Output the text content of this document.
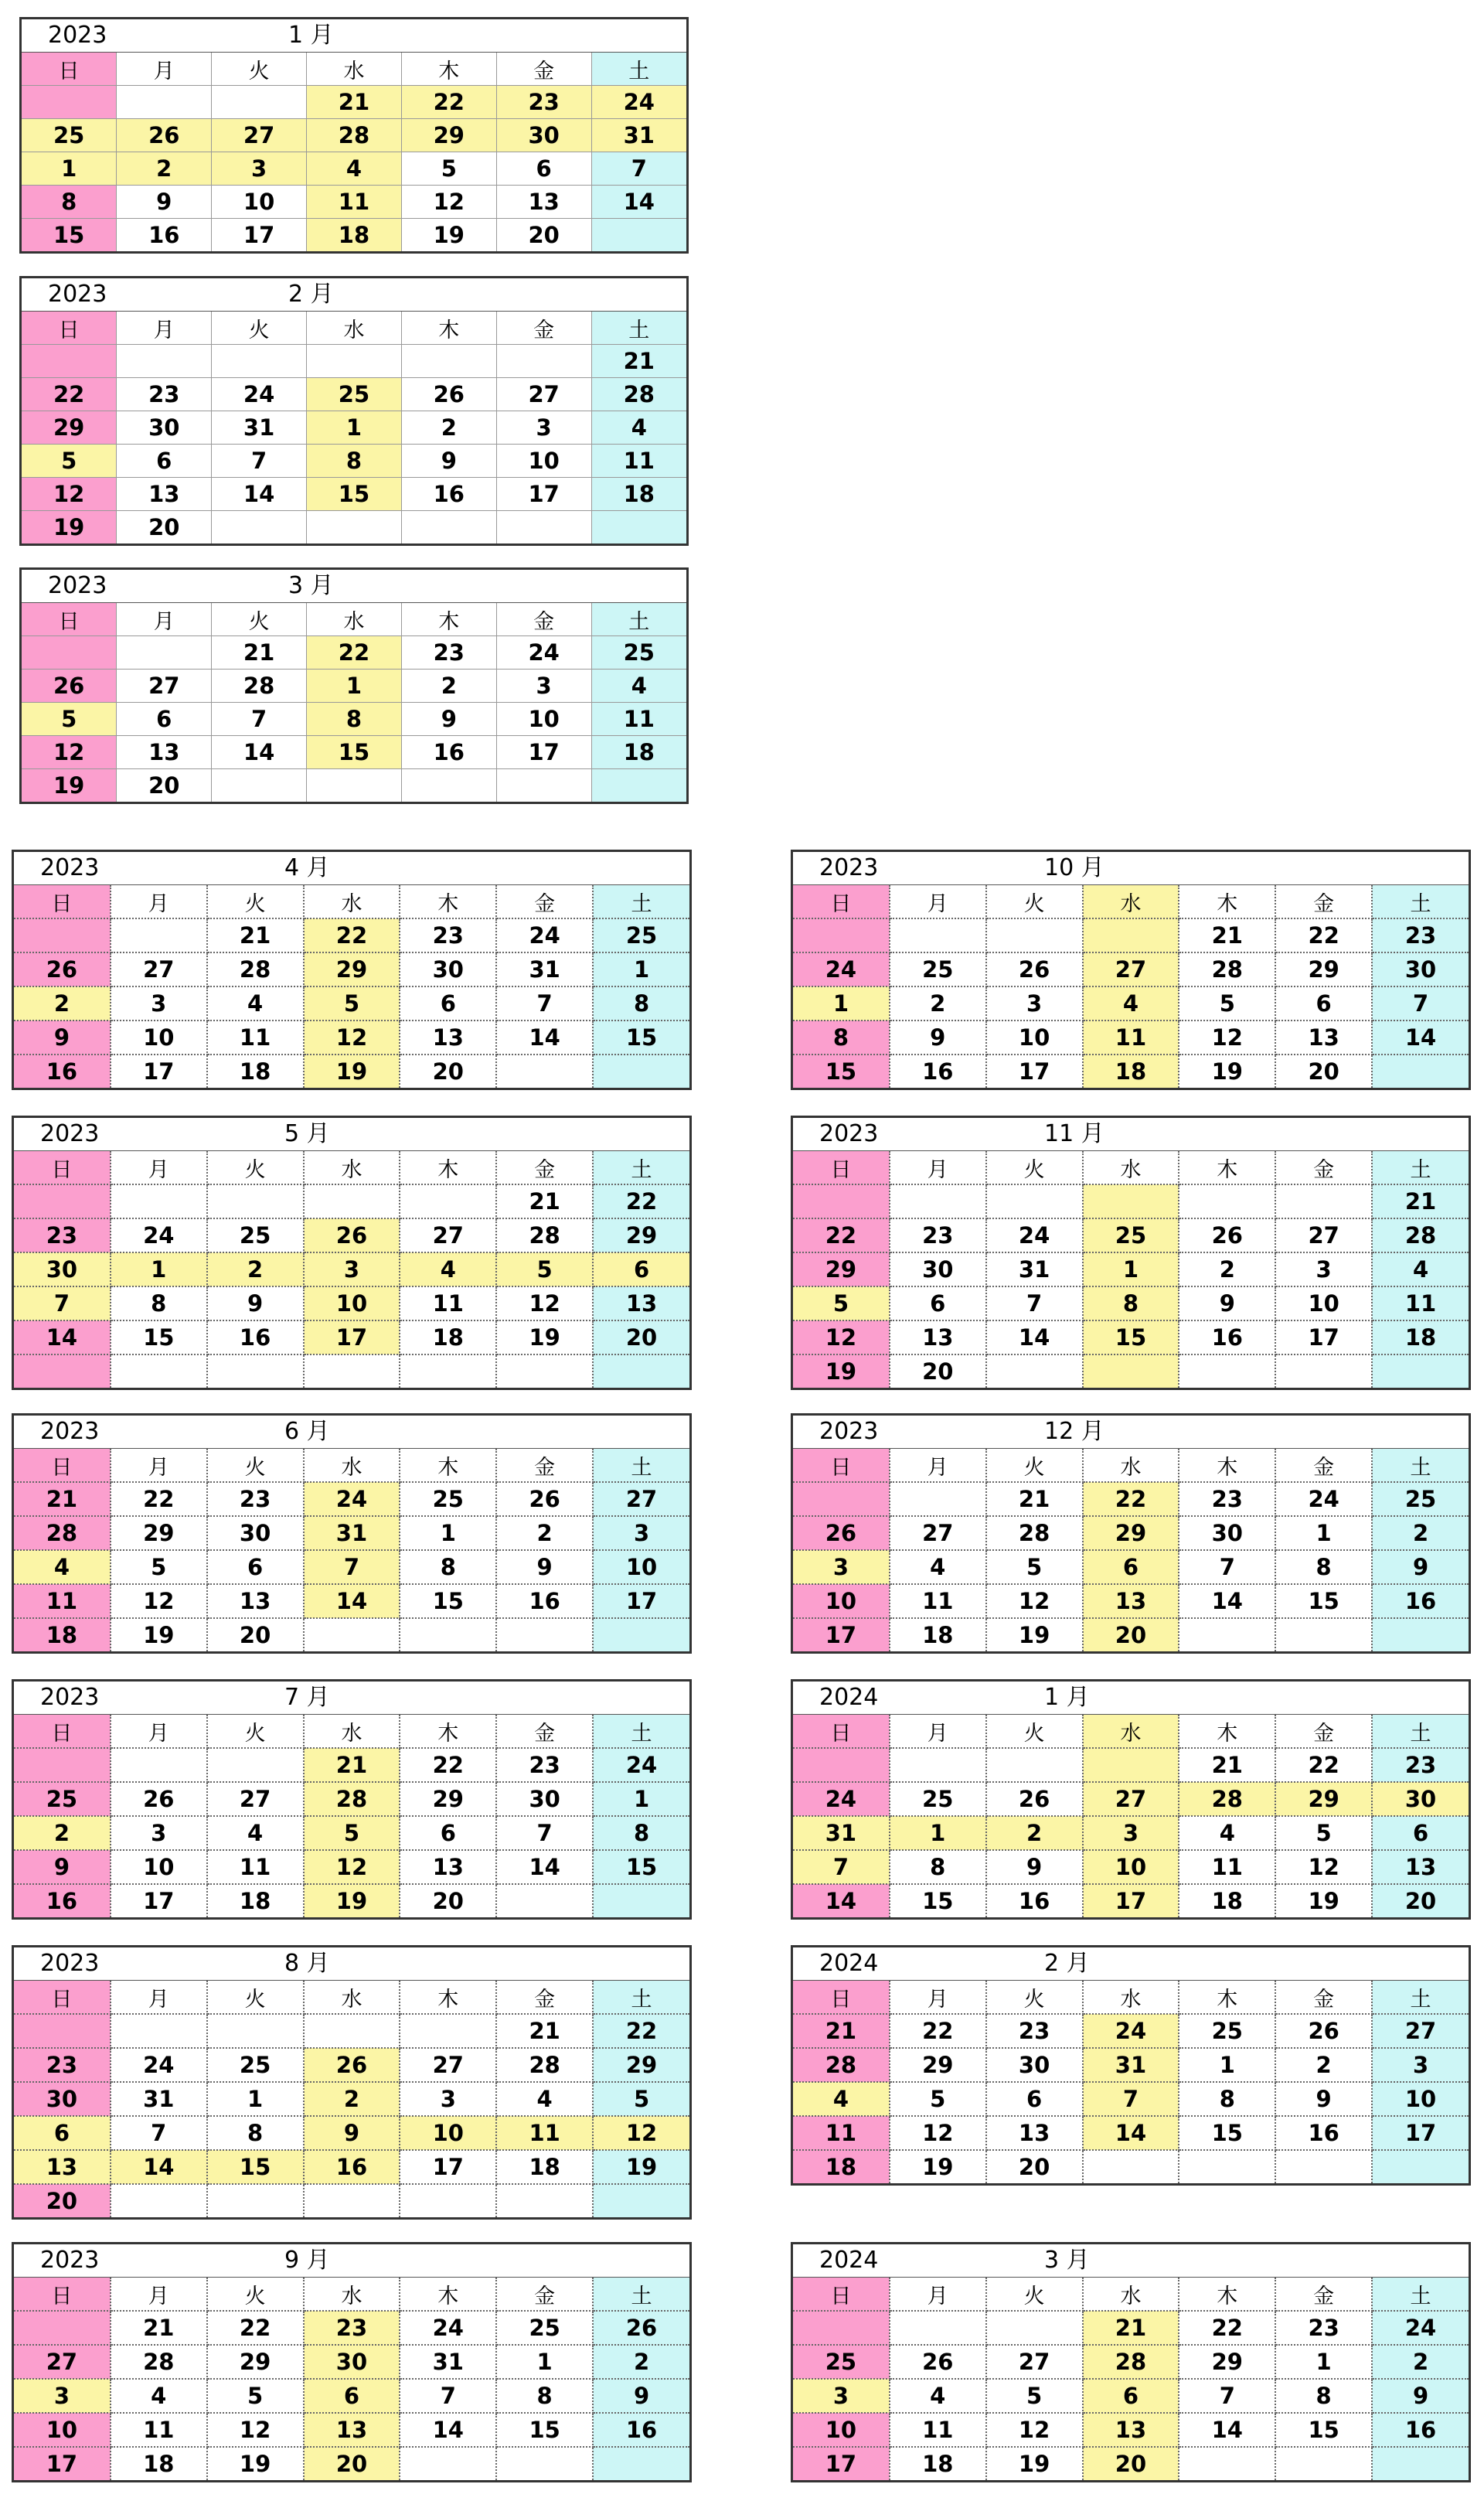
2023	1 月
日	月	火	水	木	金	土
			21	22	23	24
25	26	27	28	29	30	31
1	2	3	4	5	6	7
8	9	10	11	12	13	14
15	16	17	18	19	20	
2023	2 月
日	月	火	水	木	金	土
						21
22	23	24	25	26	27	28
29	30	31	1	2	3	4
5	6	7	8	9	10	11
12	13	14	15	16	17	18
19	20					
2023	3 月
日	月	火	水	木	金	土
		21	22	23	24	25
26	27	28	1	2	3	4
5	6	7	8	9	10	11
12	13	14	15	16	17	18
19	20					
2023	4 月
日	月	火	水	木	金	土
		21	22	23	24	25
26	27	28	29	30	31	1
2	3	4	5	6	7	8
9	10	11	12	13	14	15
16	17	18	19	20		
2023	5 月
日	月	火	水	木	金	土
					21	22
23	24	25	26	27	28	29
30	1	2	3	4	5	6
7	8	9	10	11	12	13
14	15	16	17	18	19	20

2023	6 月
日	月	火	水	木	金	土
21	22	23	24	25	26	27
28	29	30	31	1	2	3
4	5	6	7	8	9	10
11	12	13	14	15	16	17
18	19	20				
2023	7 月
日	月	火	水	木	金	土
			21	22	23	24
25	26	27	28	29	30	1
2	3	4	5	6	7	8
9	10	11	12	13	14	15
16	17	18	19	20		
2023	8 月
日	月	火	水	木	金	土
					21	22
23	24	25	26	27	28	29
30	31	1	2	3	4	5
6	7	8	9	10	11	12
13	14	15	16	17	18	19
20						
2023	9 月
日	月	火	水	木	金	土
	21	22	23	24	25	26
27	28	29	30	31	1	2
3	4	5	6	7	8	9
10	11	12	13	14	15	16
17	18	19	20			
2023	10 月
日	月	火	水	木	金	土
				21	22	23
24	25	26	27	28	29	30
1	2	3	4	5	6	7
8	9	10	11	12	13	14
15	16	17	18	19	20	
2023	11 月
日	月	火	水	木	金	土
						21
22	23	24	25	26	27	28
29	30	31	1	2	3	4
5	6	7	8	9	10	11
12	13	14	15	16	17	18
19	20					
2023	12 月
日	月	火	水	木	金	土
		21	22	23	24	25
26	27	28	29	30	1	2
3	4	5	6	7	8	9
10	11	12	13	14	15	16
17	18	19	20			
2024	1 月
日	月	火	水	木	金	土
				21	22	23
24	25	26	27	28	29	30
31	1	2	3	4	5	6
7	8	9	10	11	12	13
14	15	16	17	18	19	20
2024	2 月
日	月	火	水	木	金	土
21	22	23	24	25	26	27
28	29	30	31	1	2	3
4	5	6	7	8	9	10
11	12	13	14	15	16	17
18	19	20				
2024	3 月
日	月	火	水	木	金	土
			21	22	23	24
25	26	27	28	29	1	2
3	4	5	6	7	8	9
10	11	12	13	14	15	16
17	18	19	20			
